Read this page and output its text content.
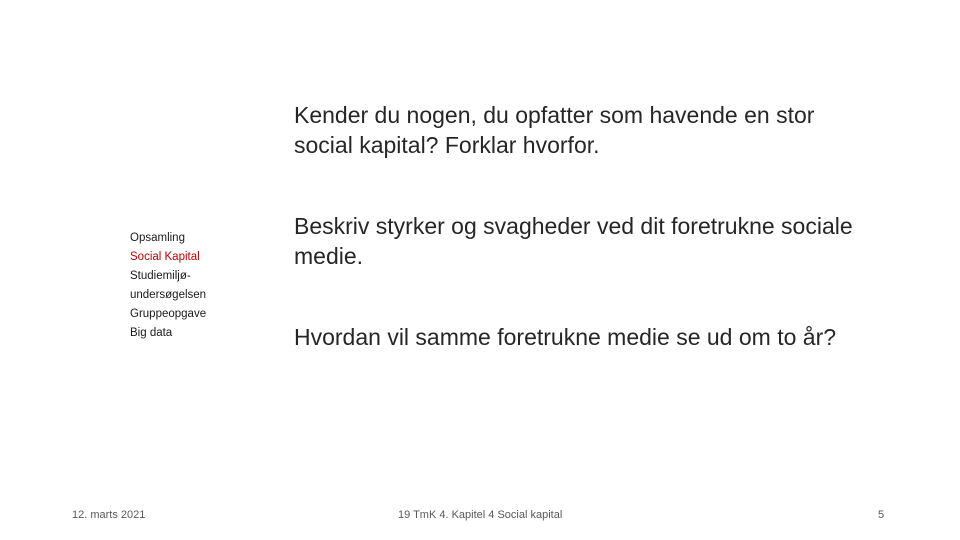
Opsamling
Social Kapital
Studiemiljø-undersøgelsen
Gruppeopgave
Big data
Kender du nogen, du opfatter som havende en stor social kapital? Forklar hvorfor.
Beskriv styrker og svagheder ved dit foretrukne sociale medie.
Hvordan vil samme foretrukne medie se ud om to år?
12. marts 2021	19 TmK 4. Kapitel 4 Social kapital	5
